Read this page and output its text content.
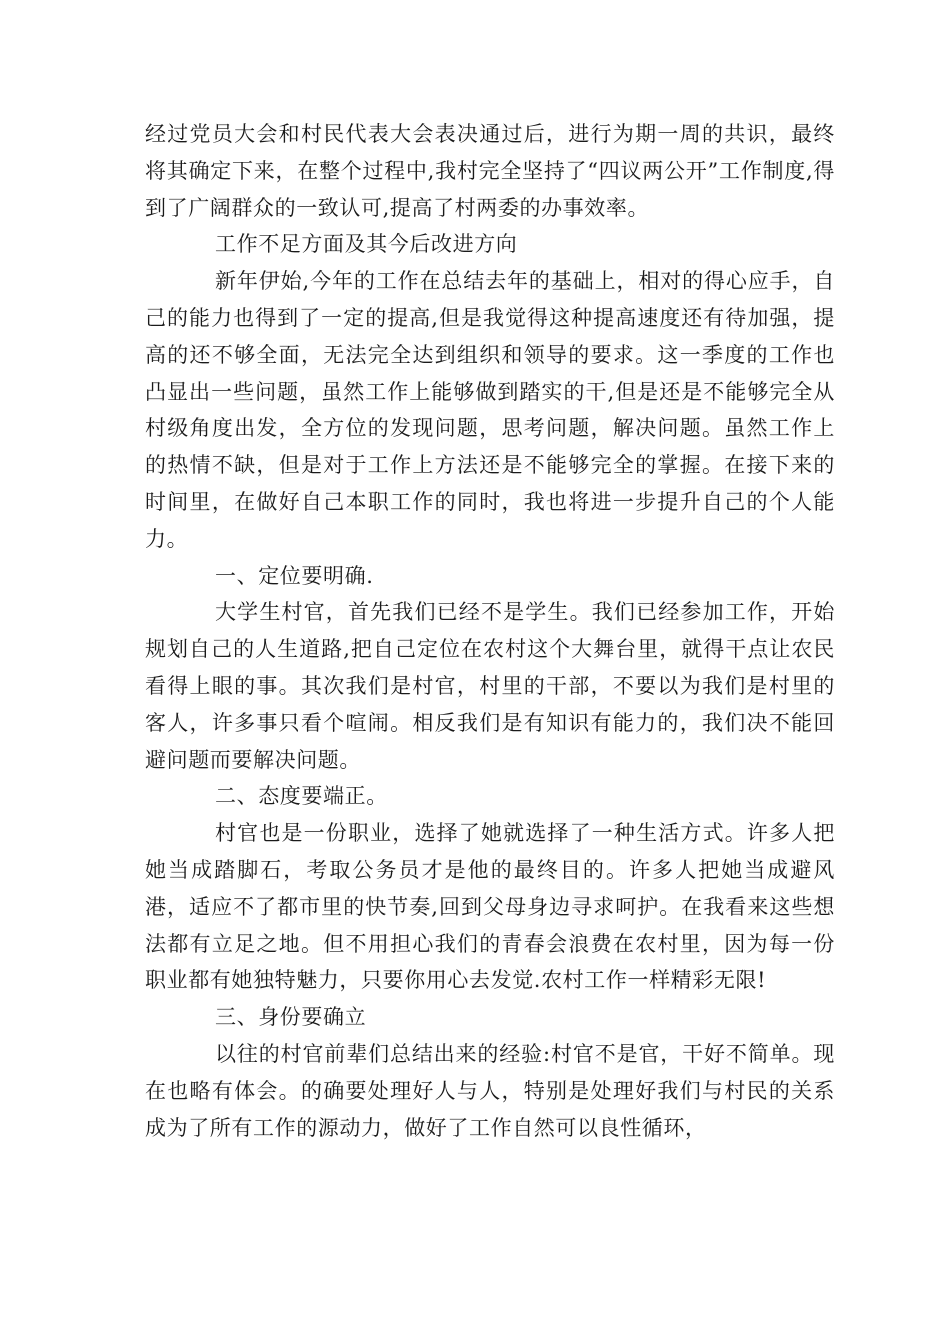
经过党员大会和村民代表大会表决通过后，进行为期一周的共识，最终将其确定下来，在整个过程中,我村完全坚持了“四议两公开”工作制度,得到了广阔群众的一致认可,提高了村两委的办事效率。

工作不足方面及其今后改进方向

新年伊始,今年的工作在总结去年的基础上，相对的得心应手，自己的能力也得到了一定的提高,但是我觉得这种提高速度还有待加强，提高的还不够全面，无法完全达到组织和领导的要求。这一季度的工作也凸显出一些问题，虽然工作上能够做到踏实的干,但是还是不能够完全从村级角度出发，全方位的发现问题，思考问题，解决问题。虽然工作上的热情不缺，但是对于工作上方法还是不能够完全的掌握。在接下来的时间里，在做好自己本职工作的同时，我也将进一步提升自己的个人能力。

一、定位要明确.

大学生村官，首先我们已经不是学生。我们已经参加工作，开始规划自己的人生道路,把自己定位在农村这个大舞台里，就得干点让农民看得上眼的事。其次我们是村官，村里的干部，不要以为我们是村里的客人，许多事只看个喧闹。相反我们是有知识有能力的，我们决不能回避问题而要解决问题。

二、态度要端正。

村官也是一份职业，选择了她就选择了一种生活方式。许多人把她当成踏脚石，考取公务员才是他的最终目的。许多人把她当成避风港，适应不了都市里的快节奏,回到父母身边寻求呵护。在我看来这些想法都有立足之地。但不用担心我们的青春会浪费在农村里，因为每一份职业都有她独特魅力，只要你用心去发觉.农村工作一样精彩无限!

三、身份要确立

以往的村官前辈们总结出来的经验:村官不是官，干好不简单。现在也略有体会。的确要处理好人与人，特别是处理好我们与村民的关系成为了所有工作的源动力，做好了工作自然可以良性循环，
